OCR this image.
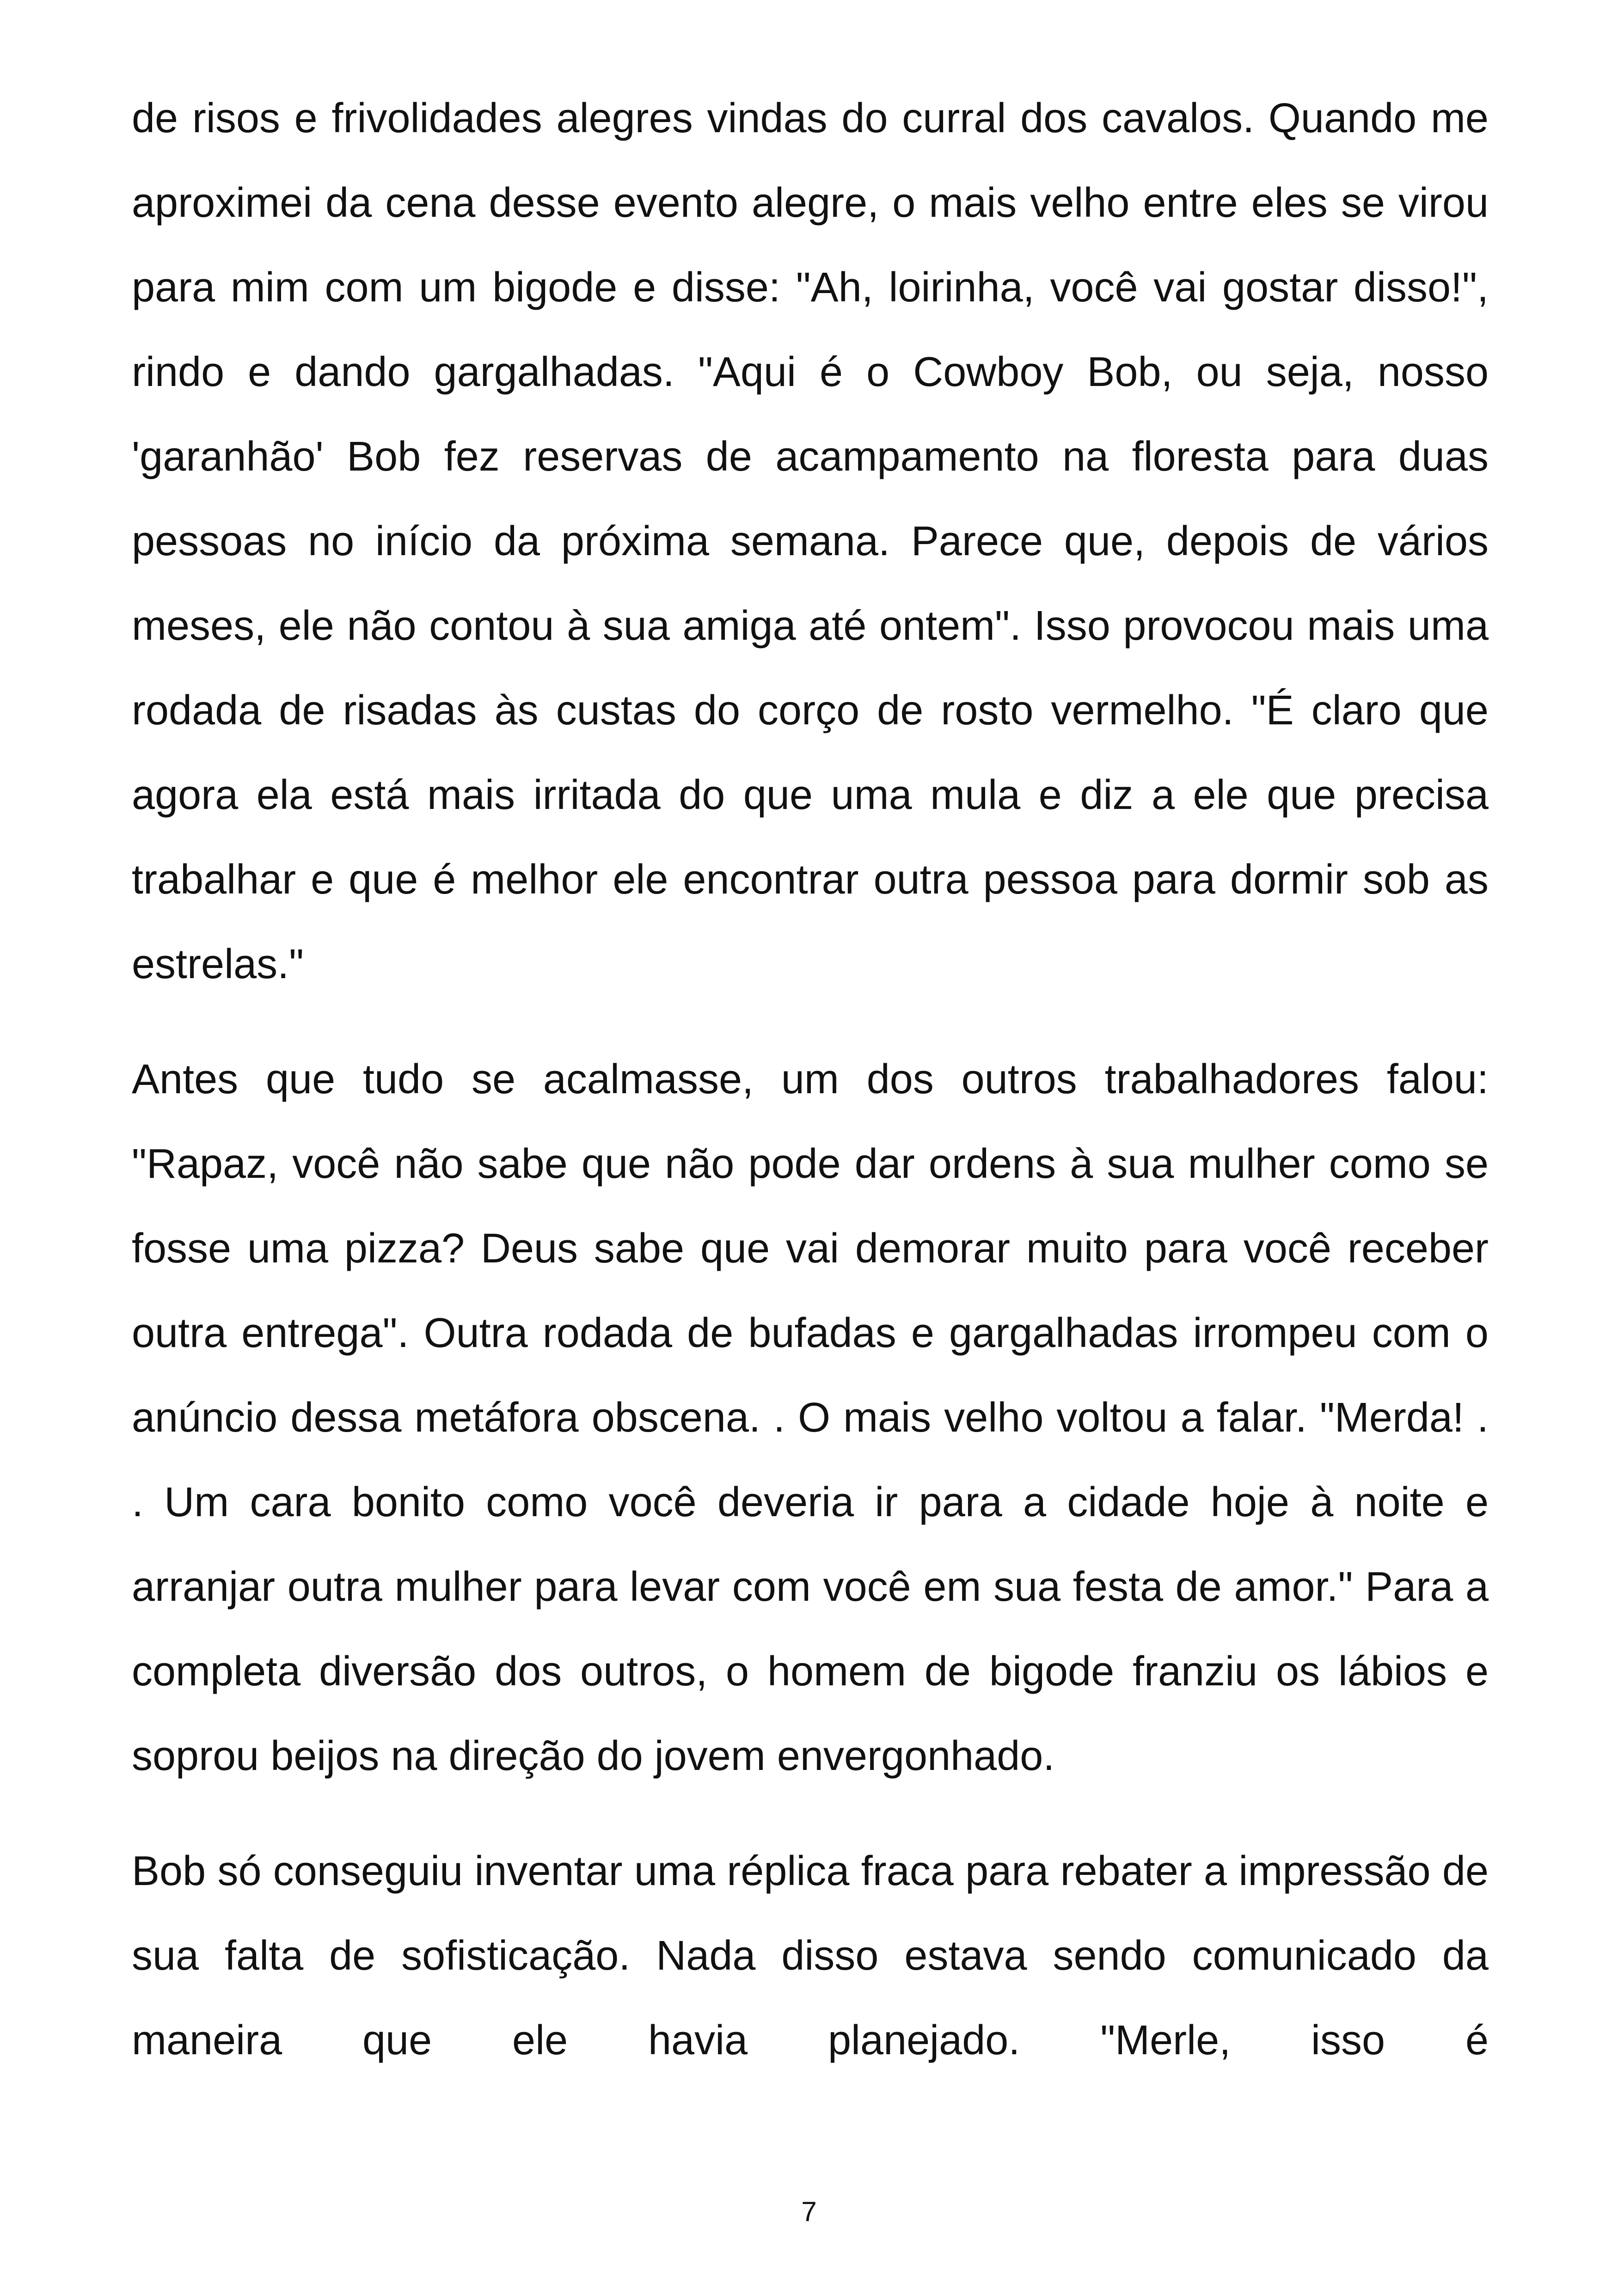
de risos e frivolidades alegres vindas do curral dos cavalos. Quando me aproximei da cena desse evento alegre, o mais velho entre eles se virou para mim com um bigode e disse: "Ah, loirinha, você vai gostar disso!", rindo e dando gargalhadas. "Aqui é o Cowboy Bob, ou seja, nosso 'garanhão' Bob fez reservas de acampamento na floresta para duas pessoas no início da próxima semana. Parece que, depois de vários meses, ele não contou à sua amiga até ontem". Isso provocou mais uma rodada de risadas às custas do corço de rosto vermelho. "É claro que agora ela está mais irritada do que uma mula e diz a ele que precisa trabalhar e que é melhor ele encontrar outra pessoa para dormir sob as estrelas."

Antes que tudo se acalmasse, um dos outros trabalhadores falou: "Rapaz, você não sabe que não pode dar ordens à sua mulher como se fosse uma pizza? Deus sabe que vai demorar muito para você receber outra entrega". Outra rodada de bufadas e gargalhadas irrompeu com o anúncio dessa metáfora obscena. . O mais velho voltou a falar. "Merda! . . Um cara bonito como você deveria ir para a cidade hoje à noite e arranjar outra mulher para levar com você em sua festa de amor." Para a completa diversão dos outros, o homem de bigode franziu os lábios e soprou beijos na direção do jovem envergonhado.

Bob só conseguiu inventar uma réplica fraca para rebater a impressão de sua falta de sofisticação. Nada disso estava sendo comunicado da maneira que ele havia planejado. "Merle, isso é

7
